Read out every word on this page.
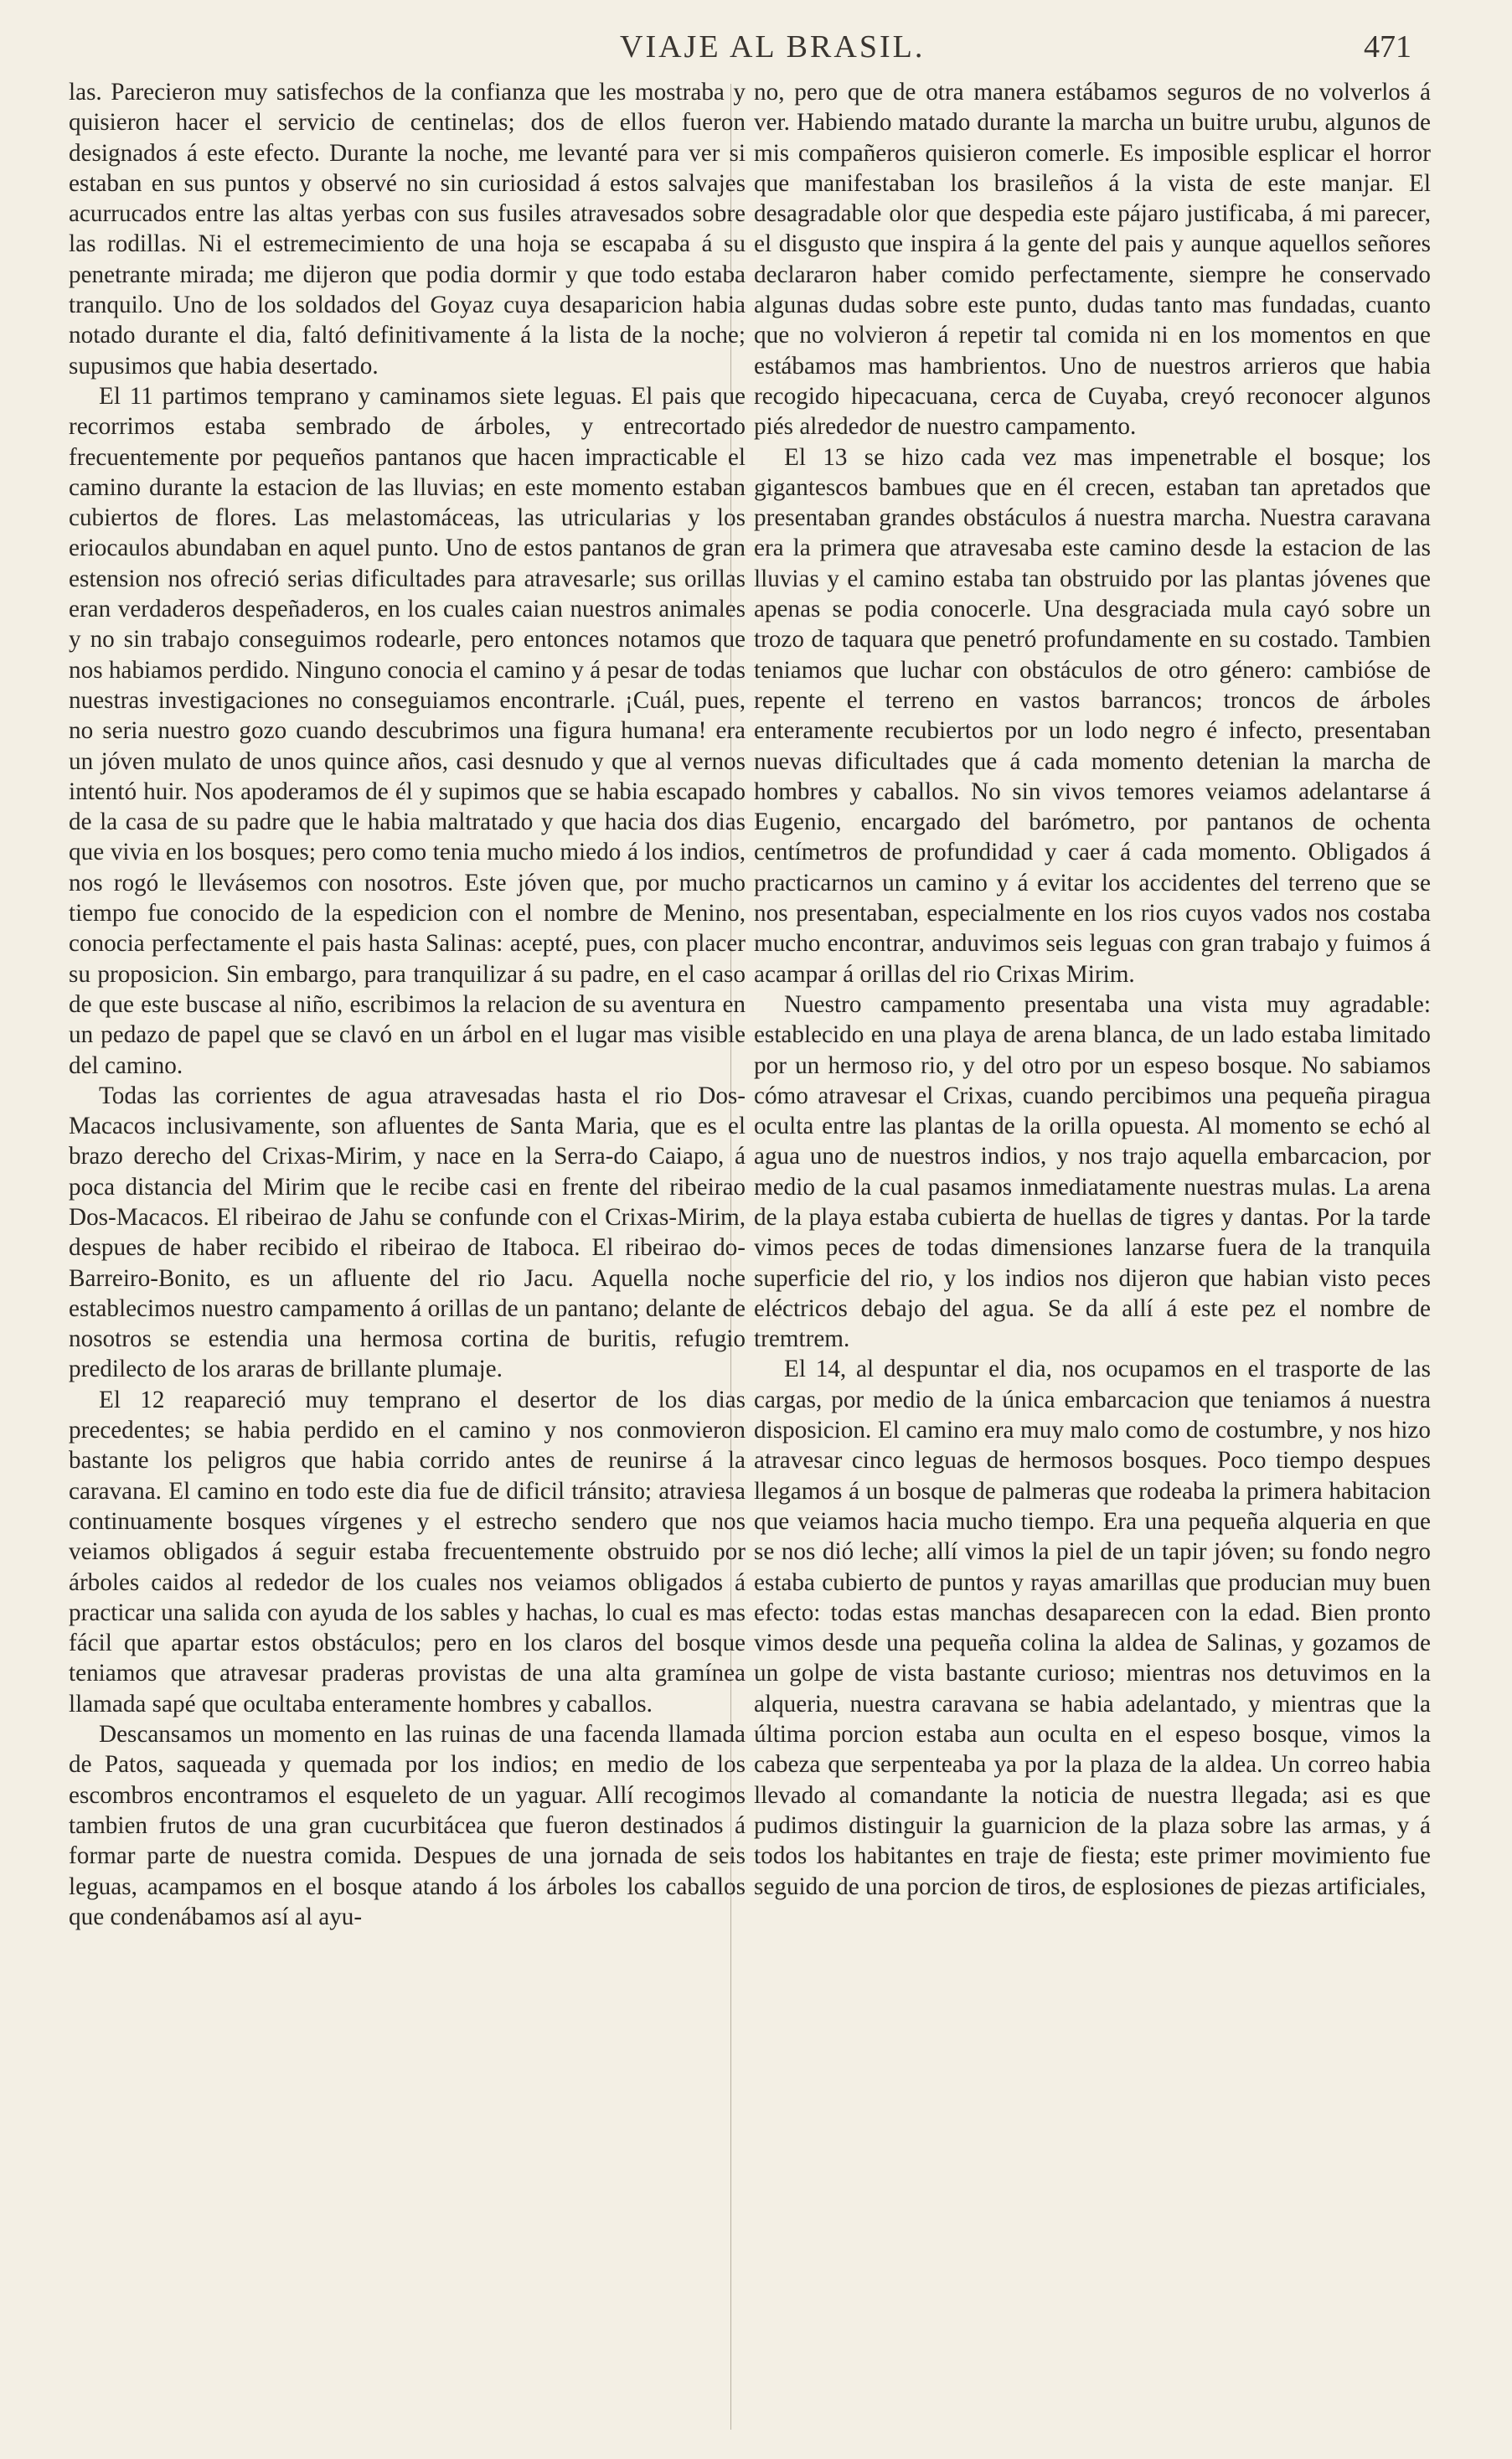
VIAJE AL BRASIL.	471

las. Parecieron muy satisfechos de la confianza que les mostraba y quisieron hacer el servicio de centinelas; dos de ellos fueron designados á este efecto. Durante la noche, me levanté para ver si estaban en sus puntos y observé no sin curiosidad á estos salvajes acurrucados entre las altas yerbas con sus fusiles atravesados sobre las rodillas. Ni el estremecimiento de una hoja se escapaba á su penetrante mirada; me dijeron que podia dormir y que todo estaba tranquilo. Uno de los soldados del Goyaz cuya desaparicion habia notado durante el dia, faltó definitivamente á la lista de la noche; supusimos que habia desertado.

El 11 partimos temprano y caminamos siete leguas. El pais que recorrimos estaba sembrado de árboles, y entrecortado frecuentemente por pequeños pantanos que hacen impracticable el camino durante la estacion de las lluvias; en este momento estaban cubiertos de flores. Las melastomáceas, las utricularias y los eriocaulos abundaban en aquel punto. Uno de estos pantanos de gran estension nos ofreció serias dificultades para atravesarle; sus orillas eran verdaderos despeñaderos, en los cuales caian nuestros animales y no sin trabajo conseguimos rodearle, pero entonces notamos que nos habiamos perdido. Ninguno conocia el camino y á pesar de todas nuestras investigaciones no conseguiamos encontrarle. ¡Cuál, pues, no seria nuestro gozo cuando descubrimos una figura humana! era un jóven mulato de unos quince años, casi desnudo y que al vernos intentó huir. Nos apoderamos de él y supimos que se habia escapado de la casa de su padre que le habia maltratado y que hacia dos dias que vivia en los bosques; pero como tenia mucho miedo á los indios, nos rogó le llevásemos con nosotros. Este jóven que, por mucho tiempo fue conocido de la espedicion con el nombre de Menino, conocia perfectamente el pais hasta Salinas: acepté, pues, con placer su proposicion. Sin embargo, para tranquilizar á su padre, en el caso de que este buscase al niño, escribimos la relacion de su aventura en un pedazo de papel que se clavó en un árbol en el lugar mas visible del camino.

Todas las corrientes de agua atravesadas hasta el rio Dos-Macacos inclusivamente, son afluentes de Santa Maria, que es el brazo derecho del Crixas-Mirim, y nace en la Serra-do Caiapo, á poca distancia del Mirim que le recibe casi en frente del ribeirao Dos-Macacos. El ribeirao de Jahu se confunde con el Crixas-Mirim, despues de haber recibido el ribeirao de Itaboca. El ribeirao do-Barreiro-Bonito, es un afluente del rio Jacu. Aquella noche establecimos nuestro campamento á orillas de un pantano; delante de nosotros se estendia una hermosa cortina de buritis, refugio predilecto de los araras de brillante plumaje.

El 12 reapareció muy temprano el desertor de los dias precedentes; se habia perdido en el camino y nos conmovieron bastante los peligros que habia corrido antes de reunirse á la caravana. El camino en todo este dia fue de dificil tránsito; atraviesa continuamente bosques vírgenes y el estrecho sendero que nos veiamos obligados á seguir estaba frecuentemente obstruido por árboles caidos al rededor de los cuales nos veiamos obligados á practicar una salida con ayuda de los sables y hachas, lo cual es mas fácil que apartar estos obstáculos; pero en los claros del bosque teniamos que atravesar praderas provistas de una alta gramínea llamada sapé que ocultaba enteramente hombres y caballos.

Descansamos un momento en las ruinas de una facenda llamada de Patos, saqueada y quemada por los indios; en medio de los escombros encontramos el esqueleto de un yaguar. Allí recogimos tambien frutos de una gran cucurbitácea que fueron destinados á formar parte de nuestra comida. Despues de una jornada de seis leguas, acampamos en el bosque atando á los árboles los caballos que condenábamos así al ayu-

no, pero que de otra manera estábamos seguros de no volverlos á ver. Habiendo matado durante la marcha un buitre urubu, algunos de mis compañeros quisieron comerle. Es imposible esplicar el horror que manifestaban los brasileños á la vista de este manjar. El desagradable olor que despedia este pájaro justificaba, á mi parecer, el disgusto que inspira á la gente del pais y aunque aquellos señores declararon haber comido perfectamente, siempre he conservado algunas dudas sobre este punto, dudas tanto mas fundadas, cuanto que no volvieron á repetir tal comida ni en los momentos en que estábamos mas hambrientos. Uno de nuestros arrieros que habia recogido hipecacuana, cerca de Cuyaba, creyó reconocer algunos piés alrededor de nuestro campamento.

El 13 se hizo cada vez mas impenetrable el bosque; los gigantescos bambues que en él crecen, estaban tan apretados que presentaban grandes obstáculos á nuestra marcha. Nuestra caravana era la primera que atravesaba este camino desde la estacion de las lluvias y el camino estaba tan obstruido por las plantas jóvenes que apenas se podia conocerle. Una desgraciada mula cayó sobre un trozo de taquara que penetró profundamente en su costado. Tambien teniamos que luchar con obstáculos de otro género: cambióse de repente el terreno en vastos barrancos; troncos de árboles enteramente recubiertos por un lodo negro é infecto, presentaban nuevas dificultades que á cada momento detenian la marcha de hombres y caballos. No sin vivos temores veiamos adelantarse á Eugenio, encargado del barómetro, por pantanos de ochenta centímetros de profundidad y caer á cada momento. Obligados á practicarnos un camino y á evitar los accidentes del terreno que se nos presentaban, especialmente en los rios cuyos vados nos costaba mucho encontrar, anduvimos seis leguas con gran trabajo y fuimos á acampar á orillas del rio Crixas Mirim.

Nuestro campamento presentaba una vista muy agradable: establecido en una playa de arena blanca, de un lado estaba limitado por un hermoso rio, y del otro por un espeso bosque. No sabiamos cómo atravesar el Crixas, cuando percibimos una pequeña piragua oculta entre las plantas de la orilla opuesta. Al momento se echó al agua uno de nuestros indios, y nos trajo aquella embarcacion, por medio de la cual pasamos inmediatamente nuestras mulas. La arena de la playa estaba cubierta de huellas de tigres y dantas. Por la tarde vimos peces de todas dimensiones lanzarse fuera de la tranquila superficie del rio, y los indios nos dijeron que habian visto peces eléctricos debajo del agua. Se da allí á este pez el nombre de tremtrem.

El 14, al despuntar el dia, nos ocupamos en el trasporte de las cargas, por medio de la única embarcacion que teniamos á nuestra disposicion. El camino era muy malo como de costumbre, y nos hizo atravesar cinco leguas de hermosos bosques. Poco tiempo despues llegamos á un bosque de palmeras que rodeaba la primera habitacion que veiamos hacia mucho tiempo. Era una pequeña alqueria en que se nos dió leche; allí vimos la piel de un tapir jóven; su fondo negro estaba cubierto de puntos y rayas amarillas que producian muy buen efecto: todas estas manchas desaparecen con la edad. Bien pronto vimos desde una pequeña colina la aldea de Salinas, y gozamos de un golpe de vista bastante curioso; mientras nos detuvimos en la alqueria, nuestra caravana se habia adelantado, y mientras que la última porcion estaba aun oculta en el espeso bosque, vimos la cabeza que serpenteaba ya por la plaza de la aldea. Un correo habia llevado al comandante la noticia de nuestra llegada; asi es que pudimos distinguir la guarnicion de la plaza sobre las armas, y á todos los habitantes en traje de fiesta; este primer movimiento fue seguido de una porcion de tiros, de esplosiones de piezas artificiales,
